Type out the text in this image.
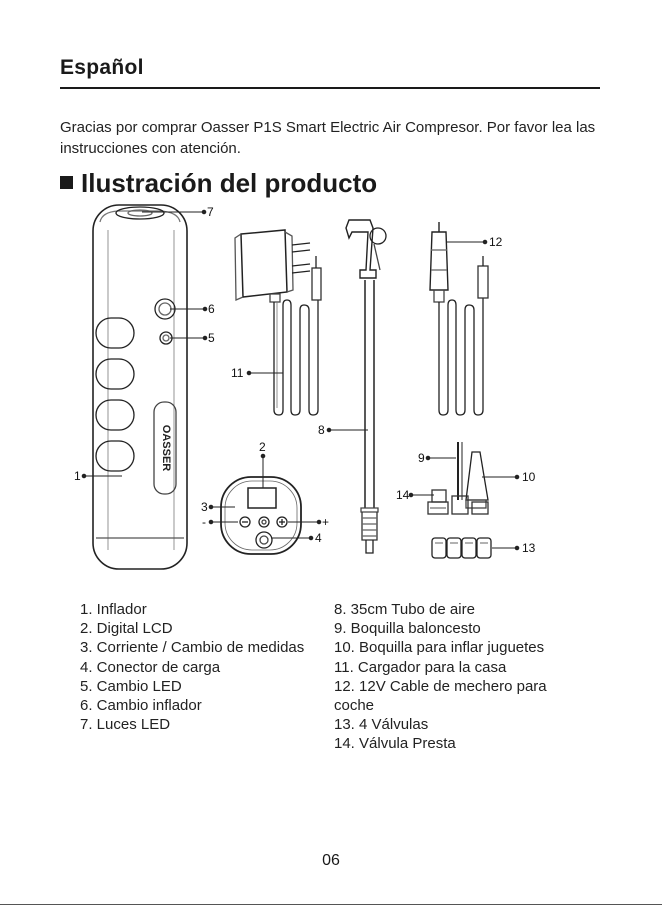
Español
Gracias por comprar Oasser P1S Smart Electric Air Compresor. Por favor lea las instrucciones con atención.
Ilustración del producto
OASSER
7
6
5
1
11
8
12
9
10
14
13
2
3
-	+
4
1. Inflador
2. Digital LCD
3. Corriente / Cambio de medidas
4. Conector de carga
5. Cambio LED
6. Cambio inflador
7. Luces LED
8. 35cm Tubo de aire
9. Boquilla baloncesto
10. Boquilla para inflar juguetes
11. Cargador para la casa
12. 12V Cable de mechero para coche
13. 4 Válvulas
14. Válvula Presta
06
